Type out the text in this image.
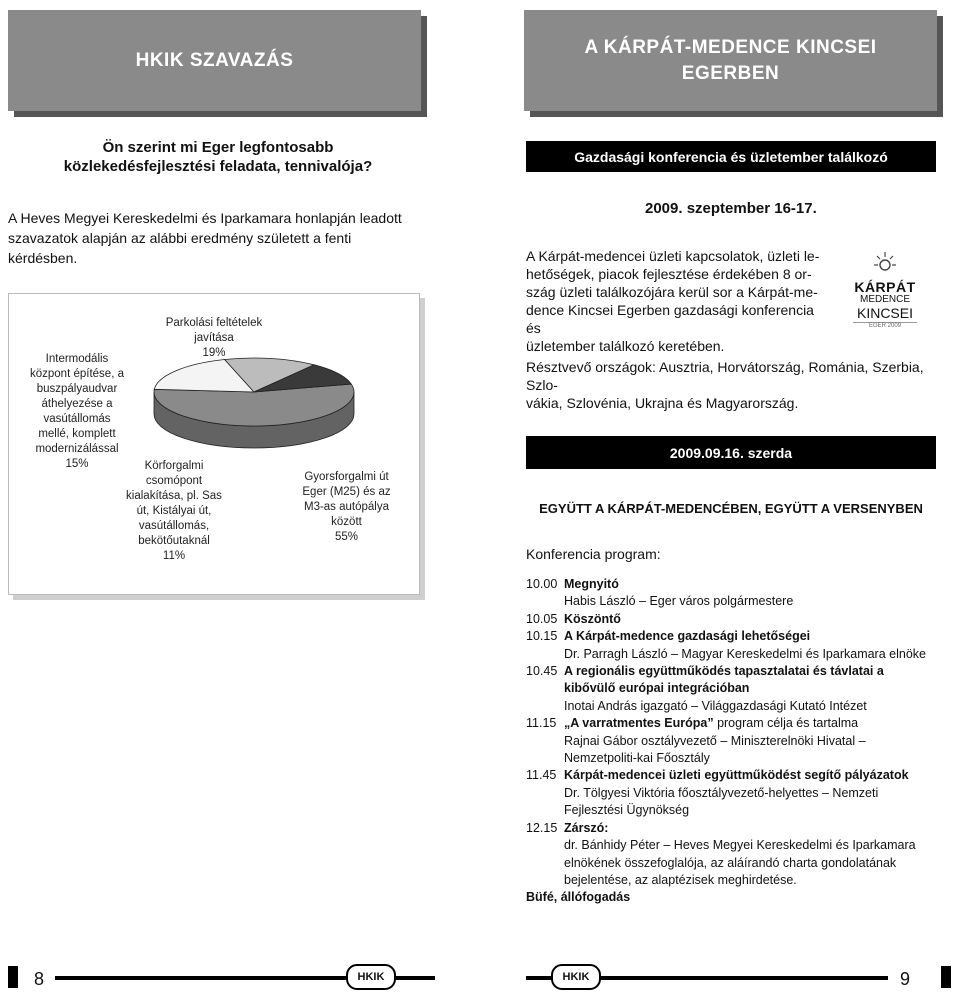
HKIK SZAVAZÁS
Ön szerint mi Eger legfontosabb közlekedésfejlesztési feladata, tennivalója?
A Heves Megyei Kereskedelmi és Iparkamara honlapján leadott szavazatok alapján az alábbi eredmény született a fenti kérdésben.
Parkolási feltételek
javítása
19%
Intermodális
központ építése, a
buszpályaudvar
áthelyezése a
vasútállomás
mellé, komplett
modernizálással
15%	Körforgalmi
csomópont
kialakítása, pl. Sas
út, Kistályai út,
vasútállomás,
bekötőutaknál
11%
Gyorsforgalmi út
Eger (M25) és az
M3-as autópálya
között
55%
A KÁRPÁT-MEDENCE KINCSEI EGERBEN
Gazdasági konferencia és üzletember találkozó
2009. szeptember 16-17.
A Kárpát-medencei üzleti kapcsolatok, üzleti le-
hetőségek, piacok fejlesztése érdekében 8 or-
szág üzleti találkozójára kerül sor a Kárpát-me-
dence Kincsei Egerben gazdasági konferencia és
üzletember találkozó keretében.
KÁRPÁT
MEDENCE
KINCSEI
EGER 2009
Résztvevő országok: Ausztria, Horvátország, Románia, Szerbia, Szlo-
vákia, Szlovénia, Ukrajna és Magyarország.
2009.09.16. szerda
EGYÜTT A KÁRPÁT-MEDENCÉBEN, EGYÜTT A VERSENYBEN
Konferencia program:
10.00 Megnyitó
Habis László – Eger város polgármestere
10.05 Köszöntő
10.15 A Kárpát-medence gazdasági lehetőségei
Dr. Parragh László – Magyar Kereskedelmi és Iparkamara elnöke
10.45 A regionális együttműködés tapasztalatai és távlatai a kibővülő európai integrációban
Inotai András igazgató – Világgazdasági Kutató Intézet
11.15 „A varratmentes Európa” program célja és tartalma
Rajnai Gábor osztályvezető – Miniszterelnöki Hivatal – Nemzetpoliti-kai Főosztály
11.45 Kárpát-medencei üzleti együttműködést segítő pályázatok
Dr. Tölgyesi Viktória főosztályvezető-helyettes – Nemzeti Fejlesztési Ügynökség
12.15 Zárszó:
dr. Bánhidy Péter – Heves Megyei Kereskedelmi és Iparkamara elnökének összefoglalója, az aláírandó charta gondolatának bejelentése, az alaptézisek meghirdetése.
Büfé, állófogadás
8	HKIK	HKIK	9
